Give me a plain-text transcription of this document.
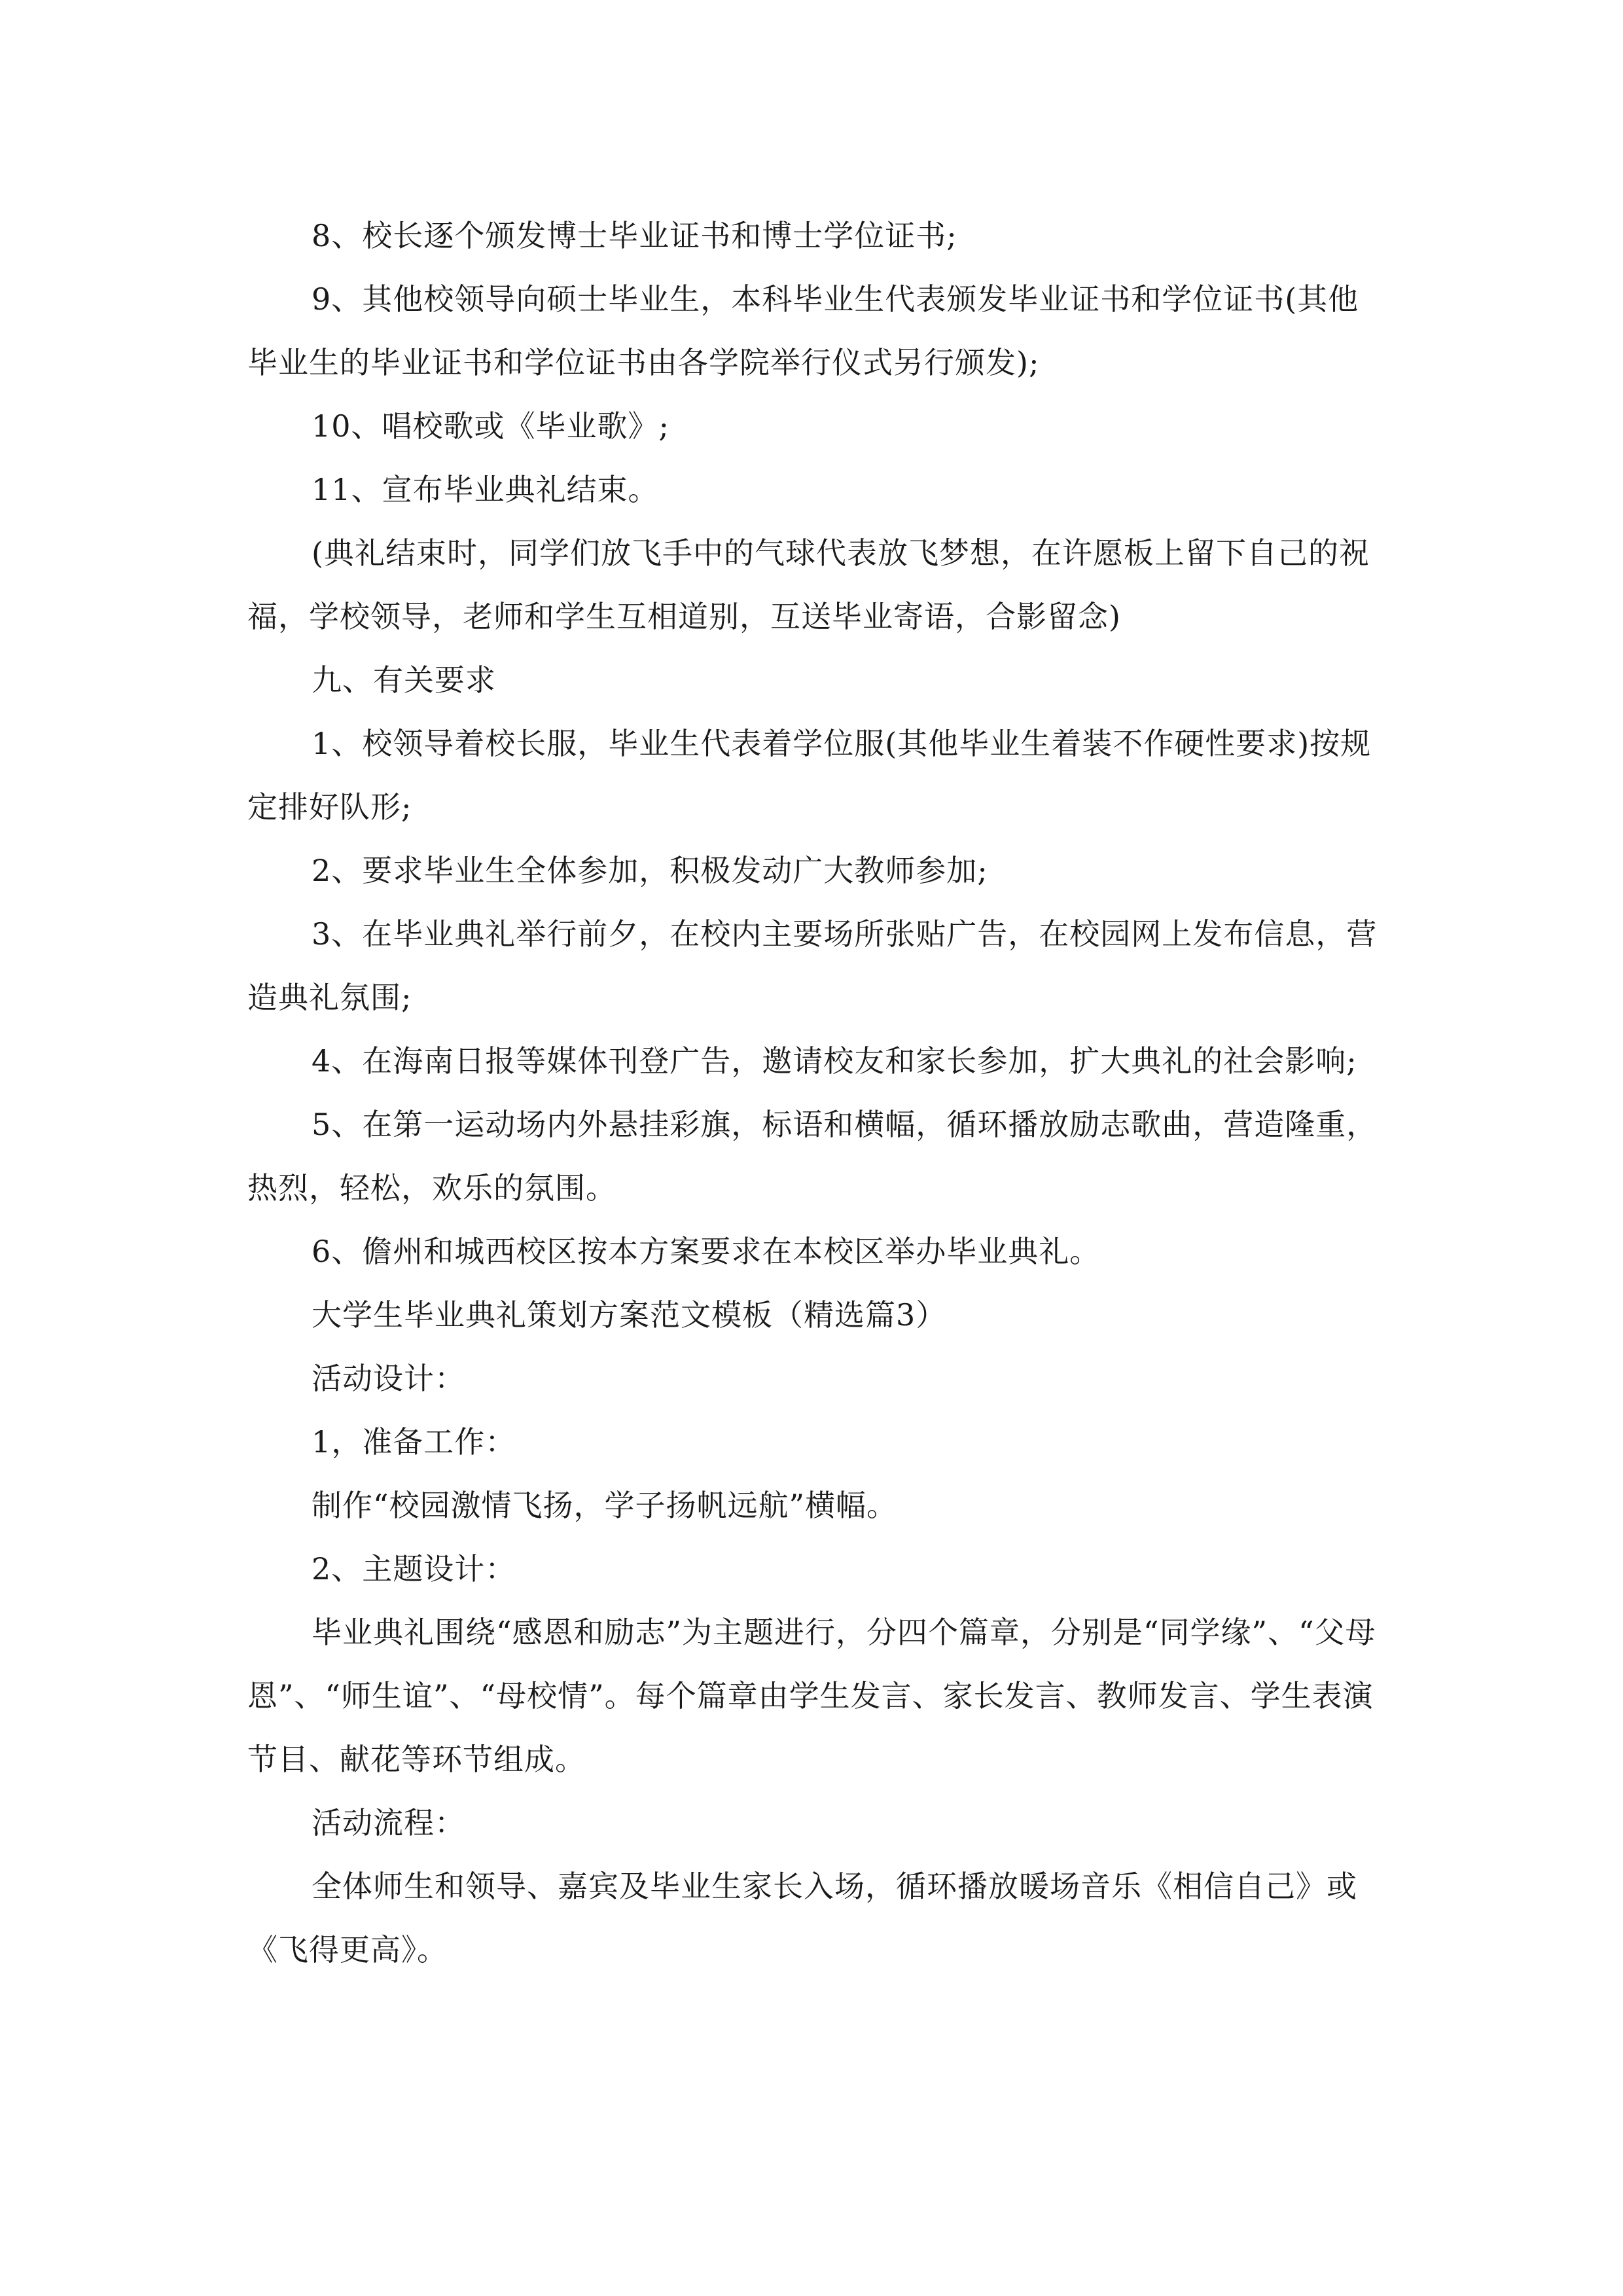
8、校长逐个颁发博士毕业证书和博士学位证书;

9、其他校领导向硕士毕业生，本科毕业生代表颁发毕业证书和学位证书(其他毕业生的毕业证书和学位证书由各学院举行仪式另行颁发);

10、唱校歌或《毕业歌》;

11、宣布毕业典礼结束。

(典礼结束时，同学们放飞手中的气球代表放飞梦想，在许愿板上留下自己的祝福，学校领导，老师和学生互相道别，互送毕业寄语，合影留念)

九、有关要求

1、校领导着校长服，毕业生代表着学位服(其他毕业生着装不作硬性要求)按规定排好队形;

2、要求毕业生全体参加，积极发动广大教师参加;

3、在毕业典礼举行前夕，在校内主要场所张贴广告，在校园网上发布信息，营造典礼氛围;

4、在海南日报等媒体刊登广告，邀请校友和家长参加，扩大典礼的社会影响;

5、在第一运动场内外悬挂彩旗，标语和横幅，循环播放励志歌曲，营造隆重，热烈，轻松，欢乐的氛围。

6、儋州和城西校区按本方案要求在本校区举办毕业典礼。

大学生毕业典礼策划方案范文模板（精选篇3）

活动设计：

1，准备工作：

制作“校园激情飞扬，学子扬帆远航”横幅。

2、主题设计：

毕业典礼围绕“感恩和励志”为主题进行，分四个篇章，分别是“同学缘”、“父母恩”、“师生谊”、“母校情”。每个篇章由学生发言、家长发言、教师发言、学生表演节目、献花等环节组成。

活动流程：

全体师生和领导、嘉宾及毕业生家长入场，循环播放暖场音乐《相信自己》或《飞得更高》。
